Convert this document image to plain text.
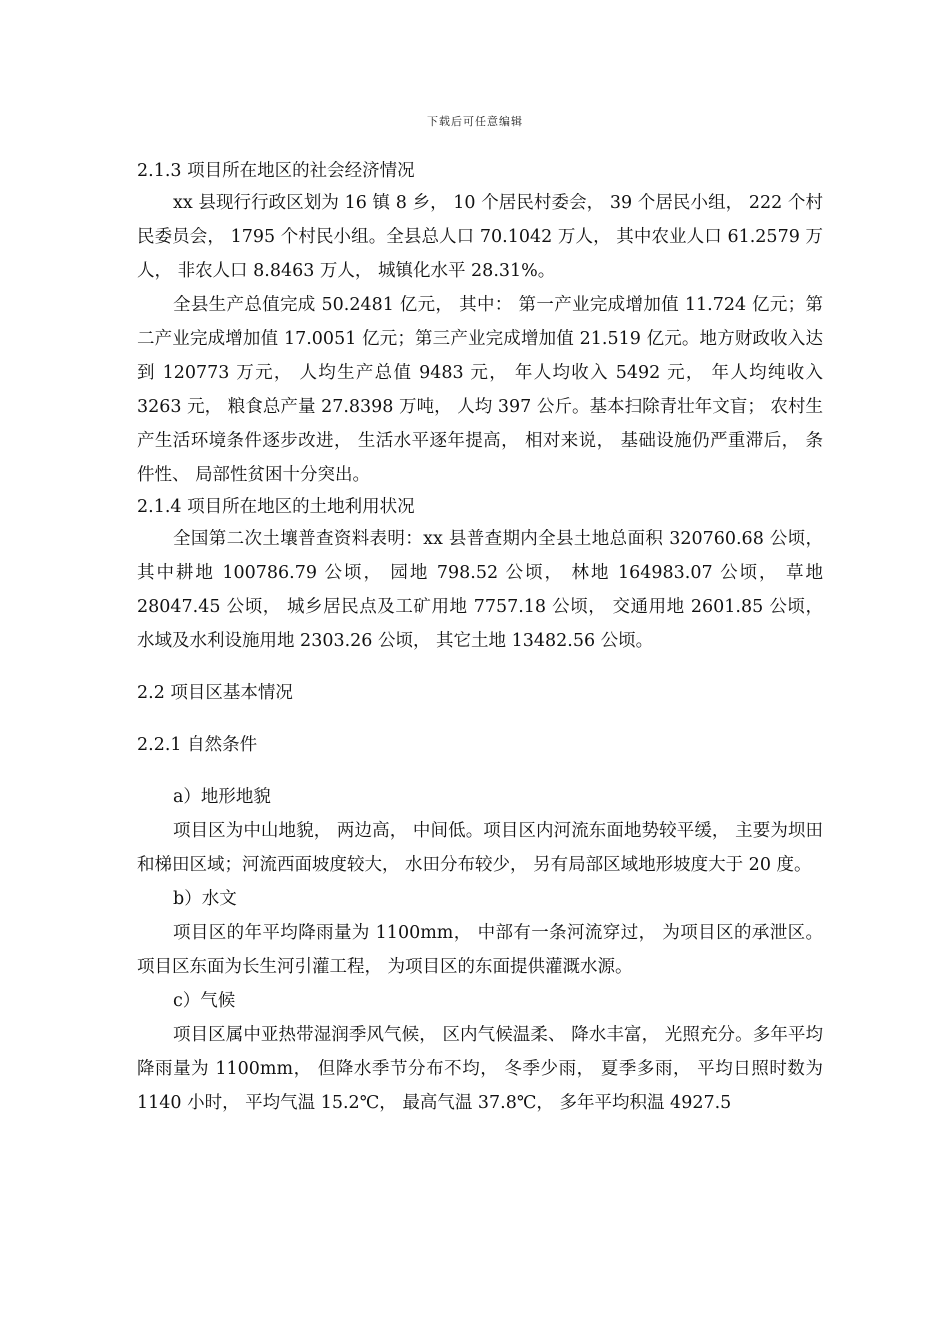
下载后可任意编辑

2.1.3 项目所在地区的社会经济情况

xx 县现行行政区划为 16 镇 8 乡， 10 个居民村委会， 39 个居民小组， 222 个村民委员会， 1795 个村民小组。全县总人口 70.1042 万人， 其中农业人口 61.2579 万人， 非农人口 8.8463 万人， 城镇化水平 28.31%。

全县生产总值完成 50.2481 亿元， 其中： 第一产业完成增加值 11.724 亿元；第二产业完成增加值 17.0051 亿元；第三产业完成增加值 21.519 亿元。地方财政收入达到 120773 万元， 人均生产总值 9483 元， 年人均收入 5492 元， 年人均纯收入 3263 元， 粮食总产量 27.8398 万吨， 人均 397 公斤。基本扫除青壮年文盲； 农村生产生活环境条件逐步改进， 生活水平逐年提高， 相对来说， 基础设施仍严重滞后， 条件性、 局部性贫困十分突出。

2.1.4 项目所在地区的土地利用状况

全国第二次土壤普查资料表明：xx 县普查期内全县土地总面积 320760.68 公顷， 其中耕地 100786.79 公顷， 园地 798.52 公顷， 林地 164983.07 公顷， 草地 28047.45 公顷， 城乡居民点及工矿用地 7757.18 公顷， 交通用地 2601.85 公顷，水域及水利设施用地 2303.26 公顷， 其它土地 13482.56 公顷。

2.2 项目区基本情况

2.2.1 自然条件

a）地形地貌

项目区为中山地貌， 两边高， 中间低。项目区内河流东面地势较平缓， 主要为坝田和梯田区域；河流西面坡度较大， 水田分布较少， 另有局部区域地形坡度大于 20 度。

b）水文

项目区的年平均降雨量为 1100mm， 中部有一条河流穿过， 为项目区的承泄区。项目区东面为长生河引灌工程， 为项目区的东面提供灌溉水源。

c）气候

项目区属中亚热带湿润季风气候， 区内气候温柔、 降水丰富， 光照充分。多年平均降雨量为 1100mm， 但降水季节分布不均， 冬季少雨， 夏季多雨， 平均日照时数为 1140 小时， 平均气温 15.2℃， 最高气温 37.8℃， 多年平均积温 4927.5
